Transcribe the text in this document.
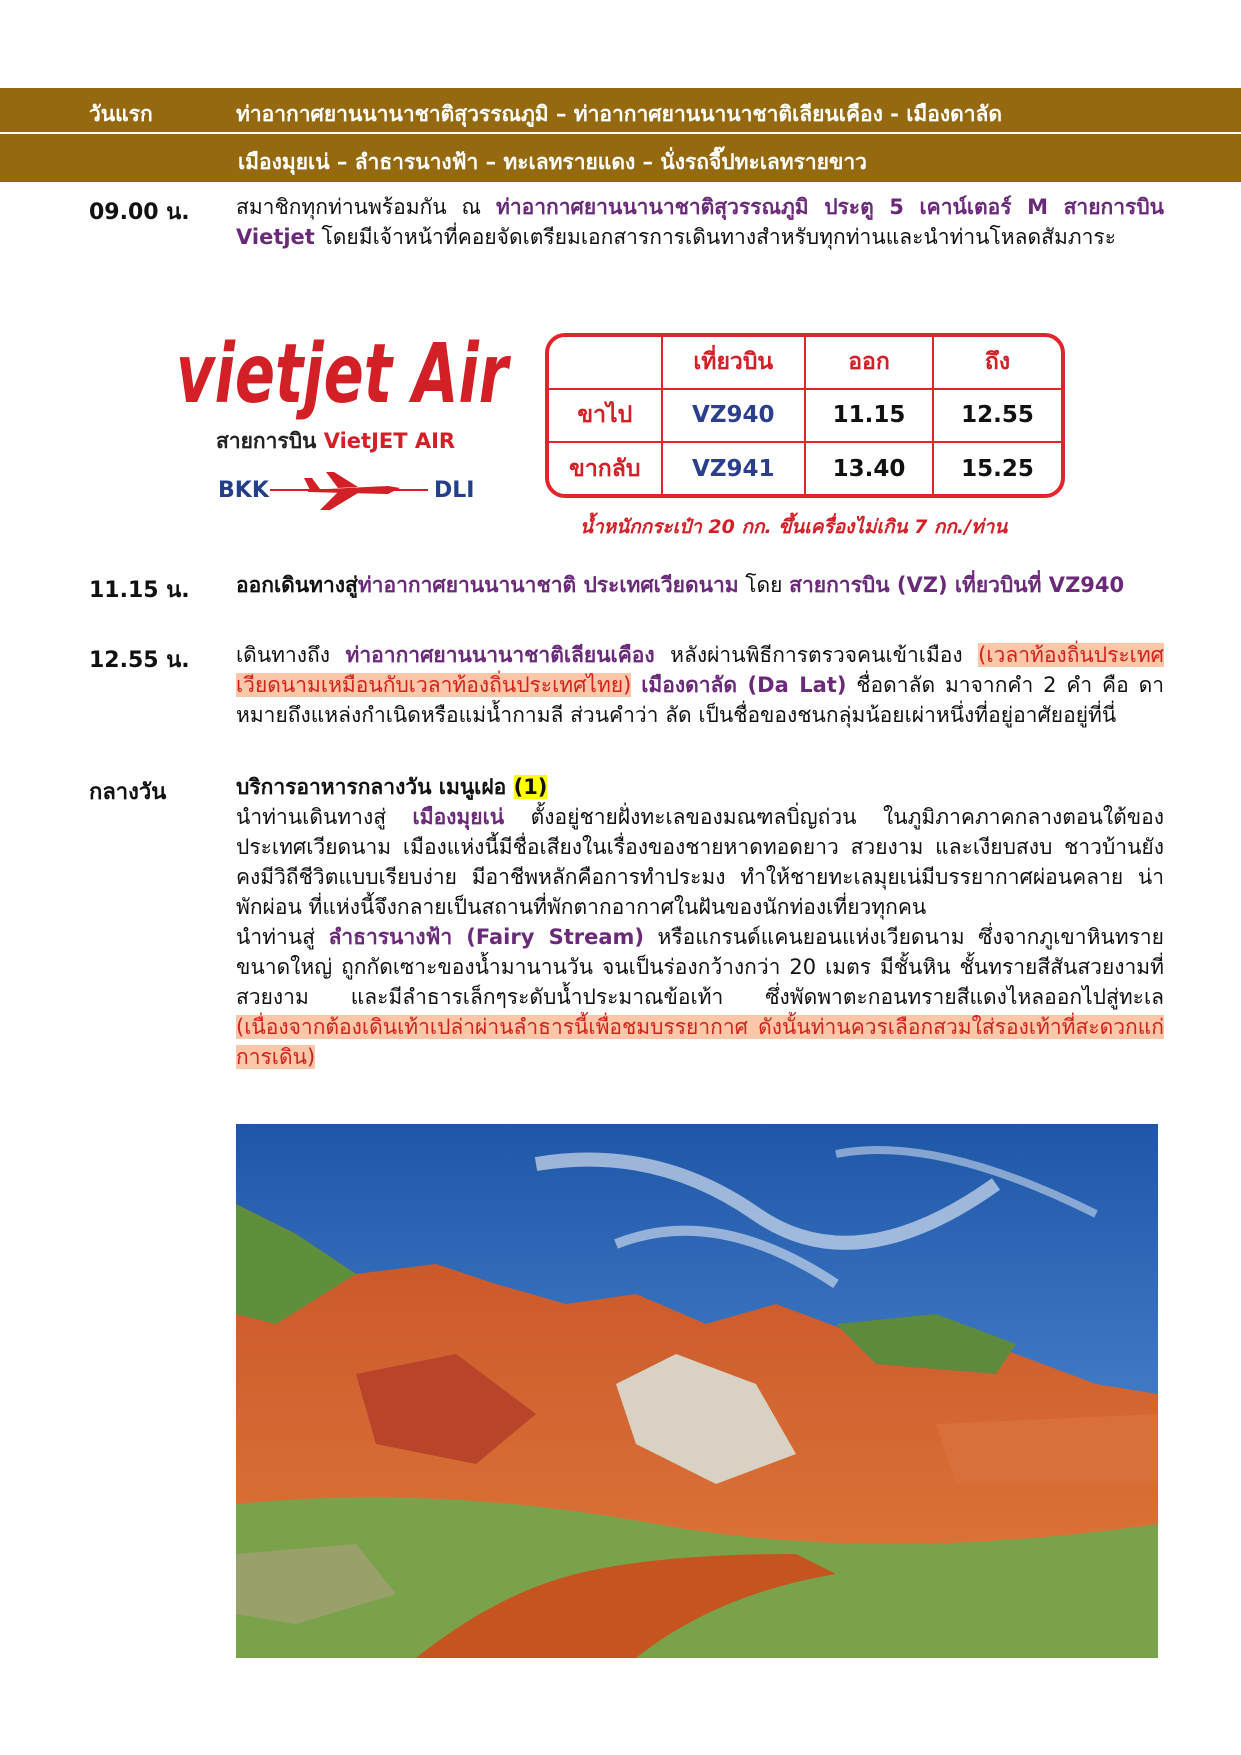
วันแรก	ท่าอากาศยานนานาชาติสุวรรณภูมิ – ท่าอากาศยานนานาชาติเลียนเคือง - เมืองดาลัด
เมืองมุยเน่ – ลำธารนางฟ้า – ทะเลทรายแดง – นั่งรถจี๊ปทะเลทรายขาว
09.00 น. สมาชิกทุกท่านพร้อมกัน ณ ท่าอากาศยานนานาชาติสุวรรณภูมิ ประตู 5 เคาน์เตอร์ M สายการบิน Vietjet โดยมีเจ้าหน้าที่คอยจัดเตรียมเอกสารการเดินทางสำหรับทุกท่านและนำท่านโหลดสัมภาระ
vietjet Air
สายการบิน VietJET AIR
BKK	DLI
	เที่ยวบิน	ออก	ถึง
ขาไป	VZ940	11.15	12.55
ขากลับ	VZ941	13.40	15.25
น้ำหนักกระเป๋า 20 กก. ขึ้นเครื่องไม่เกิน 7 กก./ท่าน
11.15 น. ออกเดินทางสู่ท่าอากาศยานนานาชาติ ประเทศเวียดนาม โดย สายการบิน (VZ) เที่ยวบินที่ VZ940
12.55 น. เดินทางถึง ท่าอากาศยานนานาชาติเลียนเคือง หลังผ่านพิธีการตรวจคนเข้าเมือง (เวลาท้องถิ่นประเทศเวียดนามเหมือนกับเวลาท้องถิ่นประเทศไทย) เมืองดาลัด (Da Lat) ชื่อดาลัด มาจากคำ 2 คำ คือ ดา หมายถึงแหล่งกำเนิดหรือแม่น้ำกามลี ส่วนคำว่า ลัด เป็นชื่อของชนกลุ่มน้อยเผ่าหนึ่งที่อยู่อาศัยอยู่ที่นี่
กลางวัน	บริการอาหารกลางวัน เมนูเฝอ (1)
นำท่านเดินทางสู่ เมืองมุยเน่ ตั้งอยู่ชายฝั่งทะเลของมณฑลบิ่ญถ่วน ในภูมิภาคภาคกลางตอนใต้ของประเทศเวียดนาม เมืองแห่งนี้มีชื่อเสียงในเรื่องของชายหาดทอดยาว สวยงาม และเงียบสงบ ชาวบ้านยังคงมีวิถีชีวิตแบบเรียบง่าย มีอาชีพหลักคือการทำประมง ทำให้ชายทะเลมุยเน่มีบรรยากาศผ่อนคลาย น่าพักผ่อน ที่แห่งนี้จึงกลายเป็นสถานที่พักตากอากาศในฝันของนักท่องเที่ยวทุกคน
นำท่านสู่ ลำธารนางฟ้า (Fairy Stream) หรือแกรนด์แคนยอนแห่งเวียดนาม ซึ่งจากภูเขาหินทรายขนาดใหญ่ ถูกกัดเซาะของน้ำมานานวัน จนเป็นร่องกว้างกว่า 20 เมตร มีชั้นหิน ชั้นทรายสีสันสวยงามที่สวยงาม และมีลำธารเล็กๆระดับน้ำประมาณข้อเท้า ซึ่งพัดพาตะกอนทรายสีแดงไหลออกไปสู่ทะเล (เนื่องจากต้องเดินเท้าเปล่าผ่านลำธารนี้เพื่อชมบรรยากาศ ดังนั้นท่านควรเลือกสวมใส่รองเท้าที่สะดวกแก่การเดิน)
